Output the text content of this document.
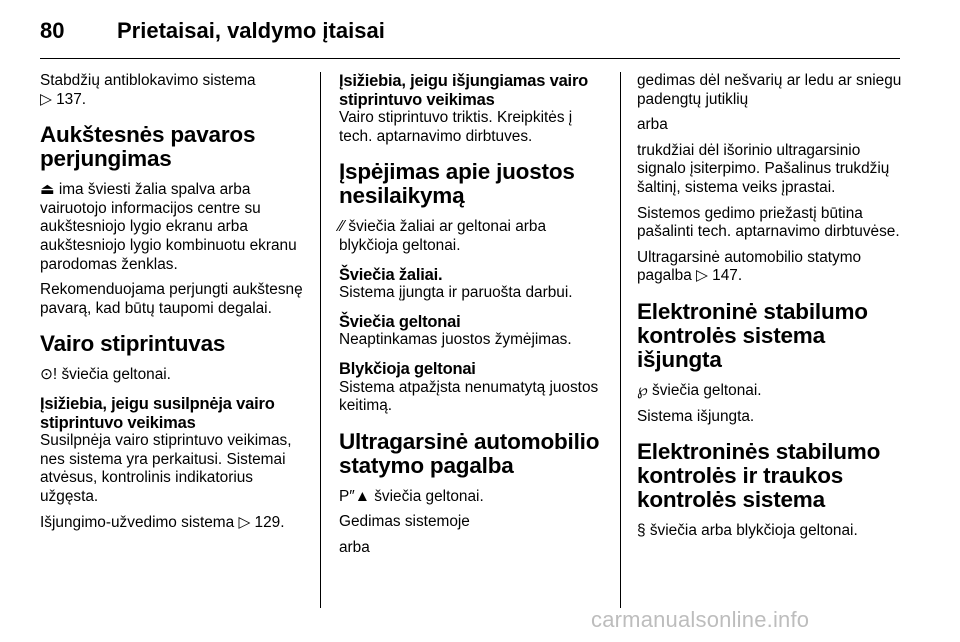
80 Prietaisai, valdymo įtaisai

Stabdžių antiblokavimo sistema
▷ 137.

Aukštesnės pavaros perjungimas

⏏ ima šviesti žalia spalva arba vairuotojo informacijos centre su aukštesniojo lygio ekranu arba aukštesniojo lygio kombinuotu ekranu parodomas ženklas.

Rekomenduojama perjungti aukštesnę pavarą, kad būtų taupomi degalai.

Vairo stiprintuvas

⊙! šviečia geltonai.

Įsižiebia, jeigu susilpnėja vairo stiprintuvo veikimas

Susilpnėja vairo stiprintuvo veikimas, nes sistema yra perkaitusi. Sistemai atvėsus, kontrolinis indikatorius užgęsta.

Išjungimo-užvedimo sistema ▷ 129.

Įsižiebia, jeigu išjungiamas vairo stiprintuvo veikimas

Vairo stiprintuvo triktis. Kreipkitės į tech. aptarnavimo dirbtuves.

Įspėjimas apie juostos nesilaikymą

⁄⁄ šviečia žaliai ar geltonai arba blykčioja geltonai.

Šviečia žaliai.

Sistema įjungta ir paruošta darbui.

Šviečia geltonai

Neaptinkamas juostos žymėjimas.

Blykčioja geltonai

Sistema atpažįsta nenumatytą juostos keitimą.

Ultragarsinė automobilio statymo pagalba

P″▲ šviečia geltonai.

Gedimas sistemoje

arba

gedimas dėl nešvarių ar ledu ar sniegu padengtų jutiklių

arba

trukdžiai dėl išorinio ultragarsinio signalo įsiterpimo. Pašalinus trukdžių šaltinį, sistema veiks įprastai.

Sistemos gedimo priežastį būtina pašalinti tech. aptarnavimo dirbtuvėse.

Ultragarsinė automobilio statymo pagalba ▷ 147.

Elektroninė stabilumo kontrolės sistema išjungta

℘ šviečia geltonai.

Sistema išjungta.

Elektroninės stabilumo kontrolės ir traukos kontrolės sistema

§ šviečia arba blykčioja geltonai.

carmanualsonline.info
